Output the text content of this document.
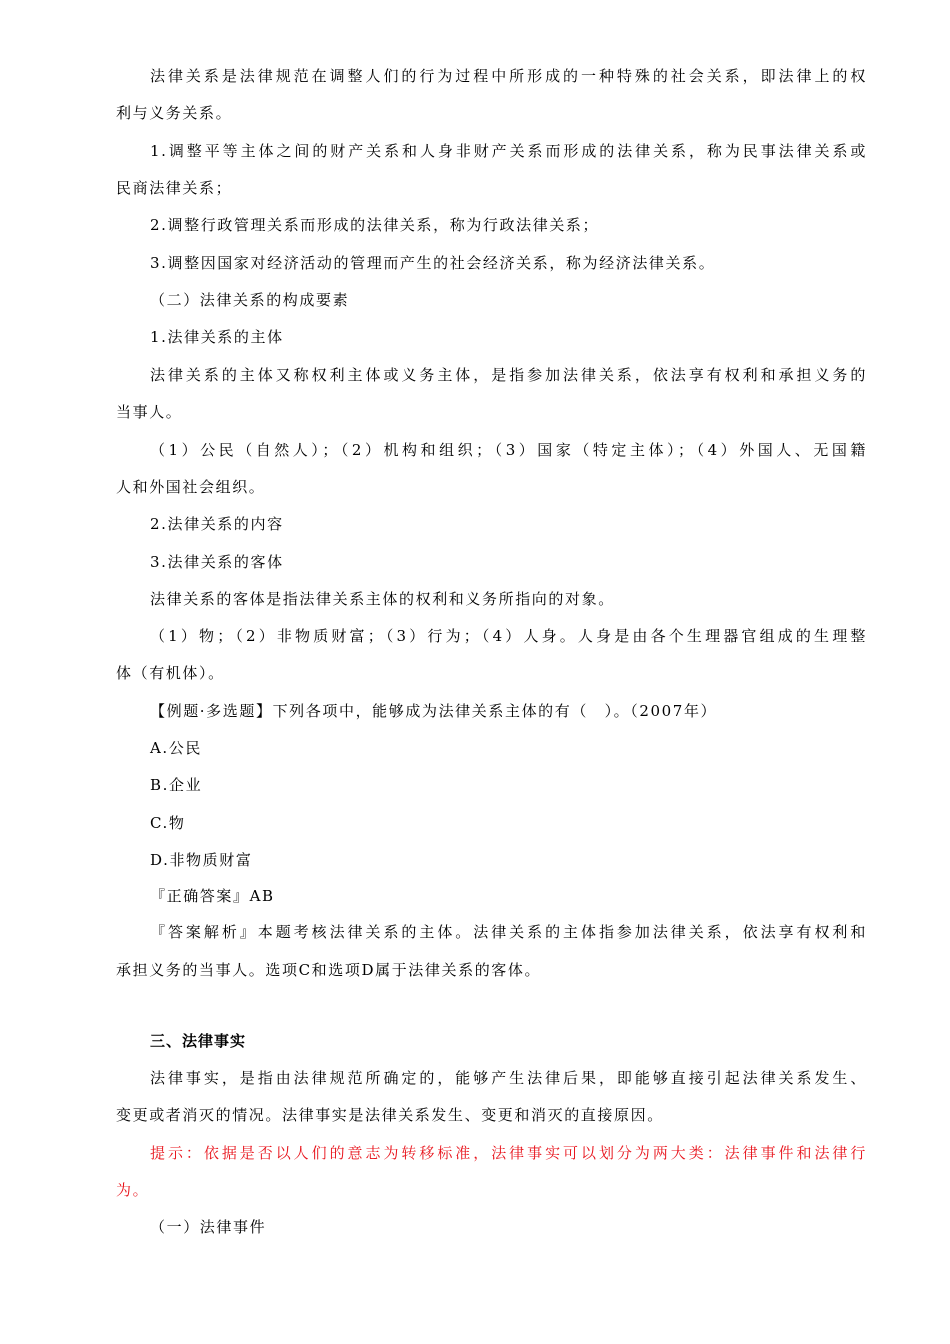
法律关系是法律规范在调整人们的行为过程中所形成的一种特殊的社会关系，即法律上的权
利与义务关系。
1.调整平等主体之间的财产关系和人身非财产关系而形成的法律关系，称为民事法律关系或
民商法律关系；
2.调整行政管理关系而形成的法律关系，称为行政法律关系；
3.调整因国家对经济活动的管理而产生的社会经济关系，称为经济法律关系。
（二）法律关系的构成要素
1.法律关系的主体
法律关系的主体又称权利主体或义务主体，是指参加法律关系，依法享有权利和承担义务的
当事人。
（1）公民（自然人）；（2）机构和组织；（3）国家（特定主体）；（4）外国人、无国籍
人和外国社会组织。
2.法律关系的内容
3.法律关系的客体
法律关系的客体是指法律关系主体的权利和义务所指向的对象。
（1）物；（2）非物质财富；（3）行为；（4）人身。人身是由各个生理器官组成的生理整
体（有机体）。
【例题·多选题】下列各项中，能够成为法律关系主体的有（　）。（2007年）
A.公民
B.企业
C.物
D.非物质财富
『正确答案』AB
『答案解析』本题考核法律关系的主体。法律关系的主体指参加法律关系，依法享有权利和
承担义务的当事人。选项C和选项D属于法律关系的客体。
三、法律事实
法律事实，是指由法律规范所确定的，能够产生法律后果，即能够直接引起法律关系发生、
变更或者消灭的情况。法律事实是法律关系发生、变更和消灭的直接原因。
提示：依据是否以人们的意志为转移标准，法律事实可以划分为两大类：法律事件和法律行
为。
（一）法律事件
